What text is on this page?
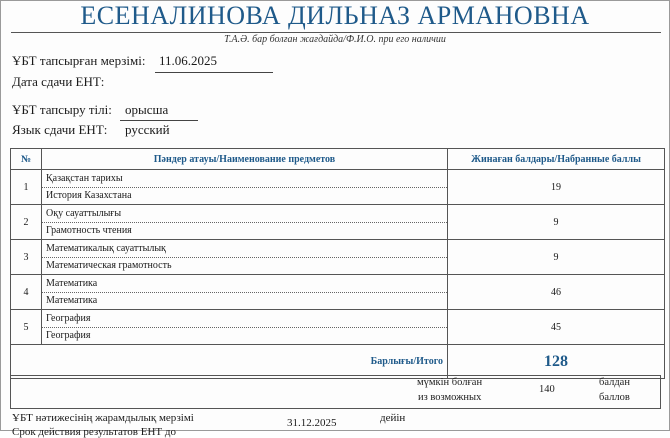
ЕСЕНАЛИНОВА ДИЛЬНАЗ АРМАНОВНА
Т.А.Ә. бар болған жағдайда/Ф.И.О. при его наличии
ҰБТ тапсырған мерзімі: 11.06.2025
Дата сдачи ЕНТ:
ҰБТ тапсыру тілі: орысша
Язык сдачи ЕНТ: русский
№	Пәндер атауы/Наименование предметов	Жинаған балдары/Набранные баллы
1	Қазақстан тарихы
История Казахстана	19
2	Оқу сауаттылығы
Грамотность чтения	9
3	Математикалық сауаттылық
Математическая грамотность	9
4	Математика
Математика	46
5	География
География	45
Барлығы/Итого		128
мүмкін болған
из возможных
140
балдан
баллов
ҰБТ нәтижесінің жарамдылық мерзімі
Срок действия результатов ЕНТ до
31.12.2025	дейін
